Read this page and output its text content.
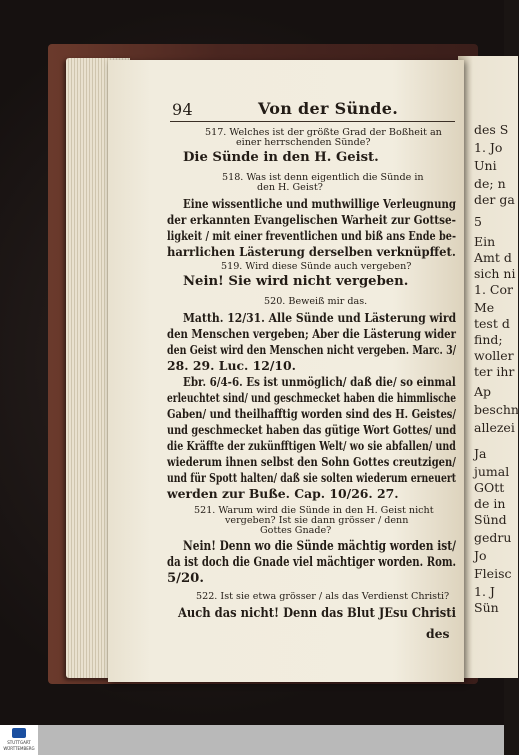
des S
1. Jo
Uni
de; n
der ga
5
Ein
Amt d
sich ni
1. Cor
Me
test d
find;
woller
ter ihr
Ap
beschn
allezei
Ja
jumal
GOtt
de in
Sünd
gedru
Jo
Fleisc
1. J
Sün
94	Von der Sünde.
517. Welches ist der größte Grad der Boßheit an
einer herrschenden Sünde?
Die Sünde in den H. Geist.
518. Was ist denn eigentlich die Sünde in
den H. Geist?
Eine wissentliche und muthwillige Verleugnung
der erkannten Evangelischen Warheit zur Gottse-
ligkeit / mit einer freventlichen und biß ans Ende be-
harrlichen Lästerung derselben verknüpffet.
519. Wird diese Sünde auch vergeben?
Nein! Sie wird nicht vergeben.
520. Beweiß mir das.
Matth. 12/31. Alle Sünde und Lästerung wird
den Menschen vergeben; Aber die Lästerung wider
den Geist wird den Menschen nicht vergeben. Marc. 3/
28. 29. Luc. 12/10.
Ebr. 6/4-6. Es ist unmöglich/ daß die/ so einmal
erleuchtet sind/ und geschmecket haben die himmlische
Gaben/ und theilhafftig worden sind des H. Geistes/
und geschmecket haben das gütige Wort Gottes/ und
die Kräffte der zukünfftigen Welt/ wo sie abfallen/ und
wiederum ihnen selbst den Sohn Gottes creutzigen/
und für Spott halten/ daß sie solten wiederum erneuert
werden zur Buße. Cap. 10/26. 27.
521. Warum wird die Sünde in den H. Geist nicht
vergeben? Ist sie dann grösser / denn
Gottes Gnade?
Nein! Denn wo die Sünde mächtig worden ist/
da ist doch die Gnade viel mächtiger worden. Rom.
5/20.
522. Ist sie etwa grösser / als das Verdienst Christi?
Auch das nicht! Denn das Blut JEsu Christi
des
STUTTGART
WÜRTTEMBERG
